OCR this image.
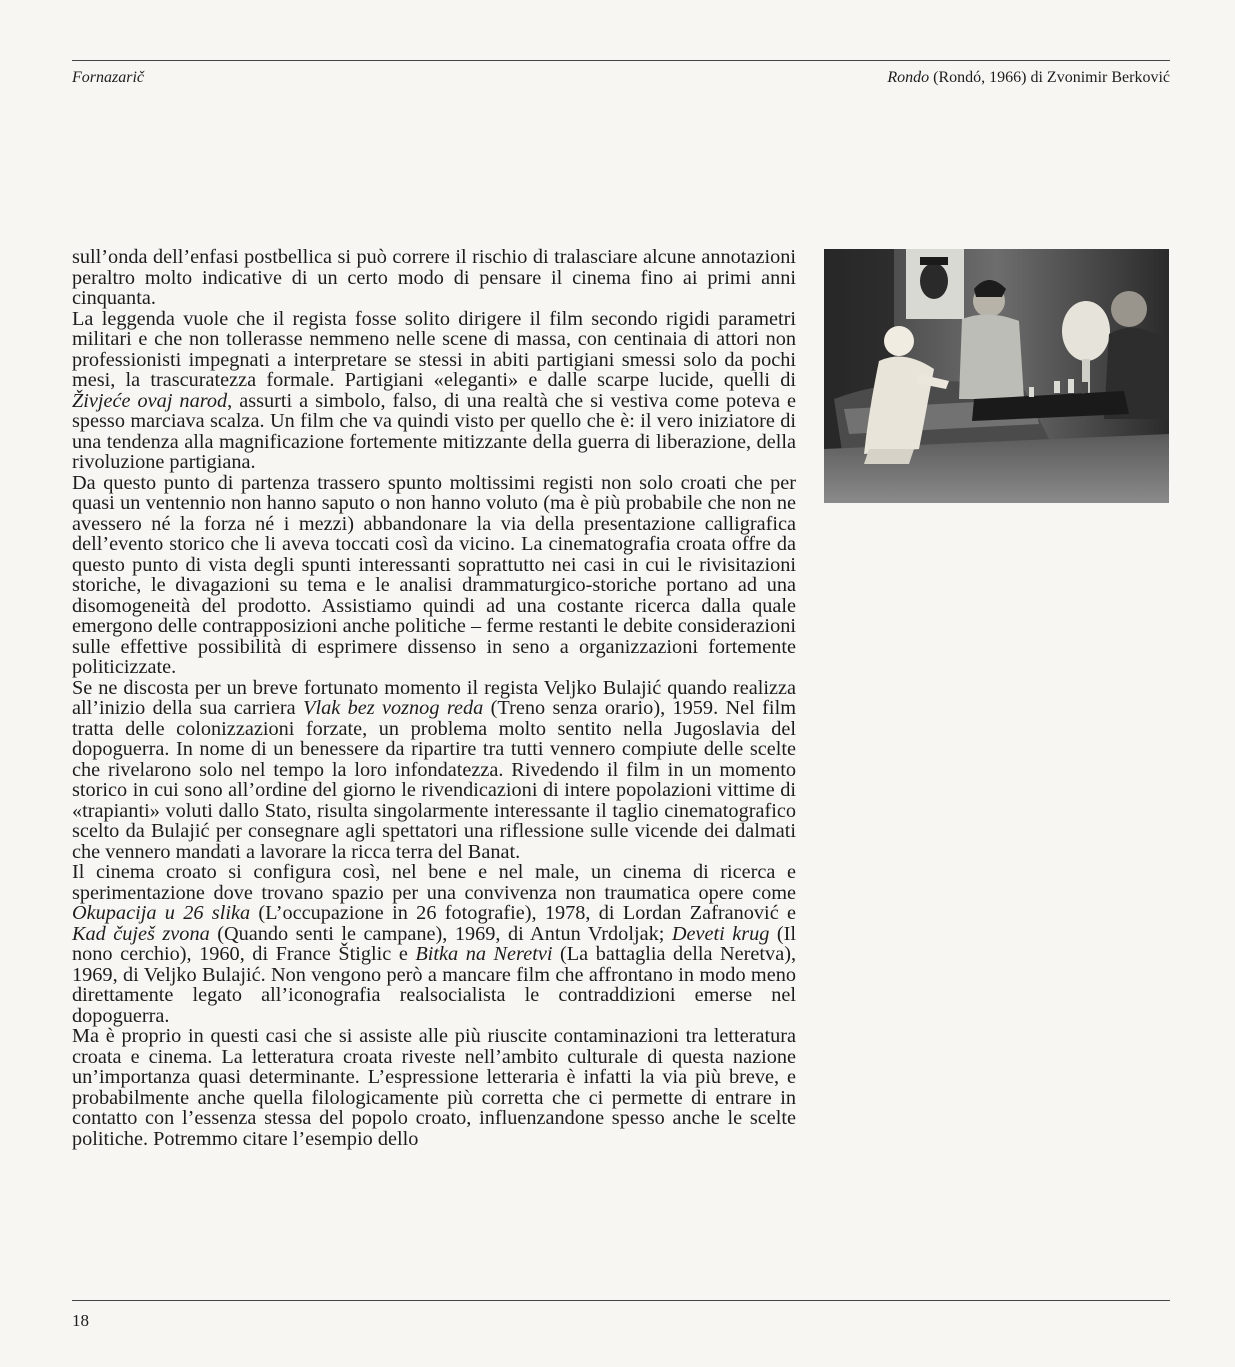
Fornazarič	Rondo (Rondó, 1966) di Zvonimir Berković

sull’onda dell’enfasi postbellica si può correre il rischio di tralasciare alcune annotazioni peraltro molto indicative di un certo modo di pensare il cinema fino ai primi anni cinquanta.

La leggenda vuole che il regista fosse solito dirigere il film secondo rigidi parametri militari e che non tollerasse nemmeno nelle scene di massa, con centinaia di attori non professionisti impegnati a interpretare se stessi in abiti partigiani smessi solo da pochi mesi, la trascuratezza formale. Partigiani «eleganti» e dalle scarpe lucide, quelli di Živjeće ovaj narod, assurti a simbolo, falso, di una realtà che si vestiva come poteva e spesso marciava scalza. Un film che va quindi visto per quello che è: il vero iniziatore di una tendenza alla magnificazione fortemente mitizzante della guerra di liberazione, della rivoluzione partigiana.

Da questo punto di partenza trassero spunto moltissimi registi non solo croati che per quasi un ventennio non hanno saputo o non hanno voluto (ma è più probabile che non ne avessero né la forza né i mezzi) abbandonare la via della presentazione calligrafica dell’evento storico che li aveva toccati così da vicino. La cinematografia croata offre da questo punto di vista degli spunti interessanti soprattutto nei casi in cui le rivisitazioni storiche, le divagazioni su tema e le analisi drammaturgico-storiche portano ad una disomogeneità del prodotto. Assistiamo quindi ad una costante ricerca dalla quale emergono delle contrapposizioni anche politiche – ferme restanti le debite considerazioni sulle effettive possibilità di esprimere dissenso in seno a organizzazioni fortemente politicizzate.

Se ne discosta per un breve fortunato momento il regista Veljko Bulajić quando realizza all’inizio della sua carriera Vlak bez voznog reda (Treno senza orario), 1959. Nel film tratta delle colonizzazioni forzate, un problema molto sentito nella Jugoslavia del dopoguerra. In nome di un benessere da ripartire tra tutti vennero compiute delle scelte che rivelarono solo nel tempo la loro infondatezza. Rivedendo il film in un momento storico in cui sono all’ordine del giorno le rivendicazioni di intere popolazioni vittime di «trapianti» voluti dallo Stato, risulta singolarmente interessante il taglio cinematografico scelto da Bulajić per consegnare agli spettatori una riflessione sulle vicende dei dalmati che vennero mandati a lavorare la ricca terra del Banat.

Il cinema croato si configura così, nel bene e nel male, un cinema di ricerca e sperimentazione dove trovano spazio per una convivenza non traumatica opere come Okupacija u 26 slika (L’occupazione in 26 fotografie), 1978, di Lordan Zafranović e Kad čuješ zvona (Quando senti le campane), 1969, di Antun Vrdoljak; Deveti krug (Il nono cerchio), 1960, di France Štiglic e Bitka na Neretvi (La battaglia della Neretva), 1969, di Veljko Bulajić. Non vengono però a mancare film che affrontano in modo meno direttamente legato all’iconografia realsocialista le contraddizioni emerse nel dopoguerra.

Ma è proprio in questi casi che si assiste alle più riuscite contaminazioni tra letteratura croata e cinema. La letteratura croata riveste nell’ambito culturale di questa nazione un’importanza quasi determinante. L’espressione letteraria è infatti la via più breve, e probabilmente anche quella filologicamente più corretta che ci permette di entrare in contatto con l’essenza stessa del popolo croato, influenzandone spesso anche le scelte politiche. Potremmo citare l’esempio dello

18
